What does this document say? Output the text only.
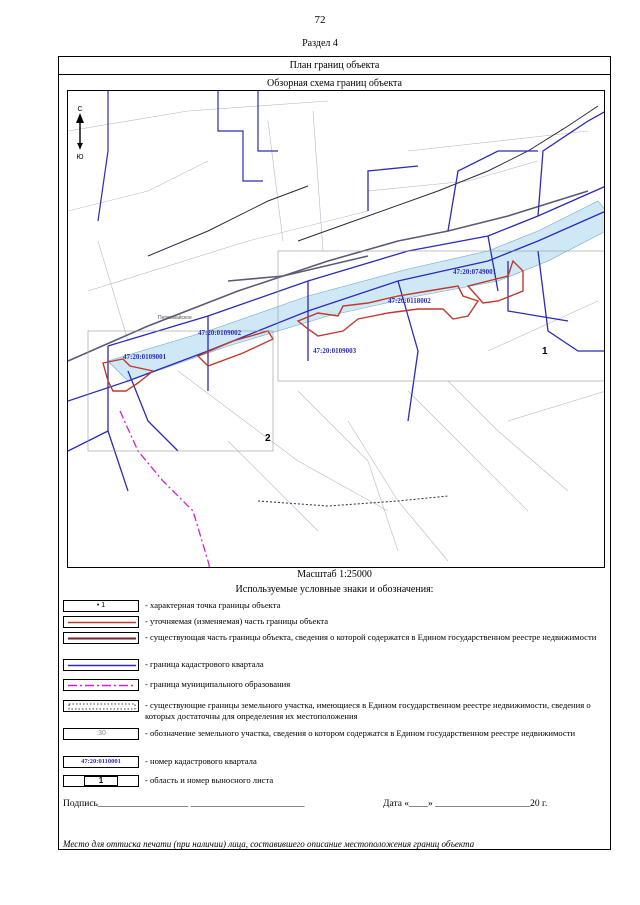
72
Раздел 4
План границ объекта
Обзорная схема границ объекта
С
Ю
Первомайское
47:20:0749001
47:20:0118002
47:20:0109002
47:20:0109003
47:20:0109001	1
2
Масштаб 1:25000
Используемые условные знаки и обозначения:
• 1	- характерная точка границы объекта
- уточняемая (изменяемая) часть границы объекта
- существующая часть границы объекта, сведения о которой содержатся в Едином государственном реестре недвижимости
- граница кадастрового квартала
- граница муниципального образования
- существующие границы земельного участка, имеющиеся в Едином государственном реестре недвижимости, сведения о которых достаточны для определения их местоположения
:30	- обозначение земельного участка, сведения о котором содержатся в Едином государственном реестре недвижимости
47:20:0110001	- номер кадастрового квартала
1	- область и номер выносного листа
Подпись___________________ ________________________	Дата «____» ____________________20 г.
Место для оттиска печати (при наличии) лица, составившего описание местоположения границ объекта
